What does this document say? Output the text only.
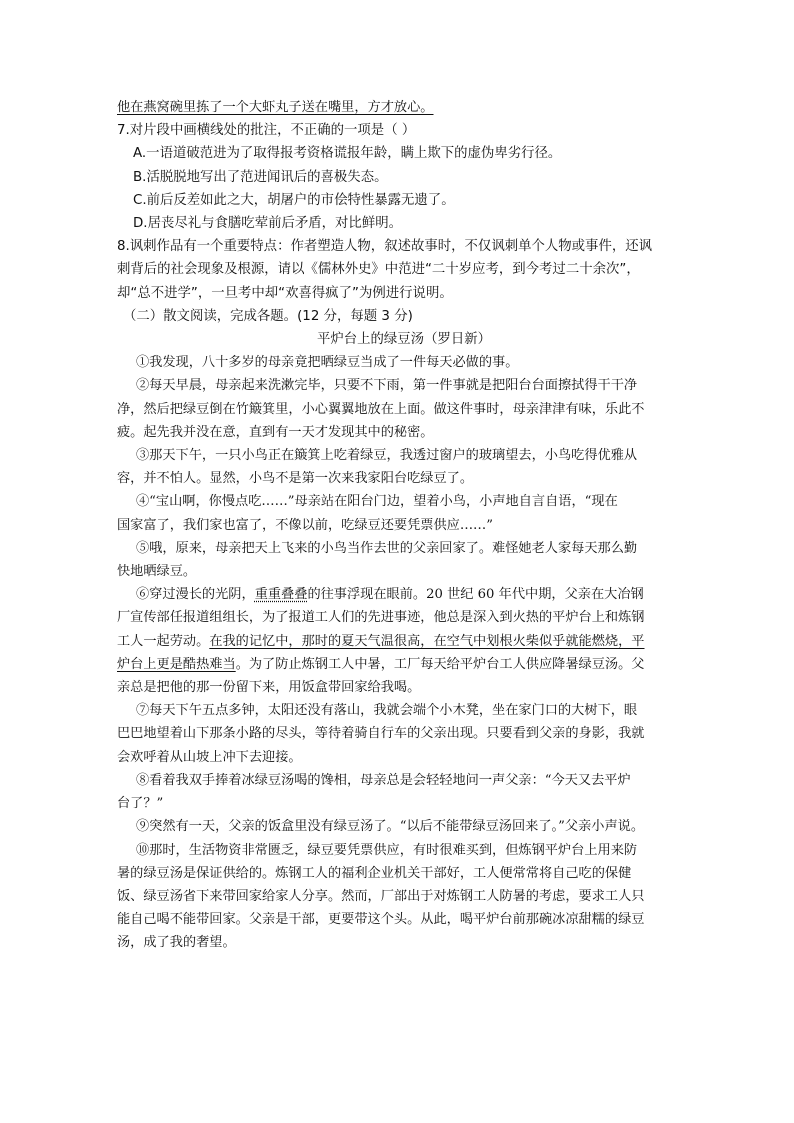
他在燕窝碗里拣了一个大虾丸子送在嘴里，方才放心。
7.对片段中画横线处的批注，不正确的一项是（ ）
A.一语道破范进为了取得报考资格谎报年龄，瞒上欺下的虚伪卑劣行径。
B.活脱脱地写出了范进闻讯后的喜极失态。
C.前后反差如此之大，胡屠户的市侩特性暴露无遗了。
D.居丧尽礼与食膳吃荤前后矛盾，对比鲜明。
8.讽刺作品有一个重要特点：作者塑造人物，叙述故事时，不仅讽刺单个人物或事件，还讽
刺背后的社会现象及根源，请以《儒林外史》中范进“二十岁应考，到今考过二十余次”，
却“总不进学”，一旦考中却“欢喜得疯了”为例进行说明。
（二）散文阅读，完成各题。(12 分，每题 3 分)
平炉台上的绿豆汤（罗日新）
①我发现，八十多岁的母亲竟把晒绿豆当成了一件每天必做的事。
②每天早晨，母亲起来洗漱完毕，只要不下雨，第一件事就是把阳台台面擦拭得干干净
净，然后把绿豆倒在竹簸箕里，小心翼翼地放在上面。做这件事时，母亲津津有味，乐此不
疲。起先我并没在意，直到有一天才发现其中的秘密。
③那天下午，一只小鸟正在簸箕上吃着绿豆，我透过窗户的玻璃望去，小鸟吃得优雅从
容，并不怕人。显然，小鸟不是第一次来我家阳台吃绿豆了。
④“宝山啊，你慢点吃……”母亲站在阳台门边，望着小鸟，小声地自言自语，“现在
国家富了，我们家也富了，不像以前，吃绿豆还要凭票供应……”
⑤哦，原来，母亲把天上飞来的小鸟当作去世的父亲回家了。难怪她老人家每天那么勤
快地晒绿豆。
⑥穿过漫长的光阴，重重叠叠的往事浮现在眼前。20 世纪 60 年代中期，父亲在大冶钢
厂宣传部任报道组组长，为了报道工人们的先进事迹，他总是深入到火热的平炉台上和炼钢
工人一起劳动。在我的记忆中，那时的夏天气温很高，在空气中划根火柴似乎就能燃烧，平
炉台上更是酷热难当。为了防止炼钢工人中暑，工厂每天给平炉台工人供应降暑绿豆汤。父
亲总是把他的那一份留下来，用饭盒带回家给我喝。
⑦每天下午五点多钟，太阳还没有落山，我就会端个小木凳，坐在家门口的大树下，眼
巴巴地望着山下那条小路的尽头，等待着骑自行车的父亲出现。只要看到父亲的身影，我就
会欢呼着从山坡上冲下去迎接。
⑧看着我双手捧着冰绿豆汤喝的馋相，母亲总是会轻轻地问一声父亲：“今天又去平炉
台了？”
⑨突然有一天，父亲的饭盒里没有绿豆汤了。“以后不能带绿豆汤回来了。”父亲小声说。
⑩那时，生活物资非常匮乏，绿豆要凭票供应，有时很难买到，但炼钢平炉台上用来防
暑的绿豆汤是保证供给的。炼钢工人的福利企业机关干部好，工人便常常将自己吃的保健
饭、绿豆汤省下来带回家给家人分享。然而，厂部出于对炼钢工人防暑的考虑，要求工人只
能自己喝不能带回家。父亲是干部，更要带这个头。从此，喝平炉台前那碗冰凉甜糯的绿豆
汤，成了我的奢望。
